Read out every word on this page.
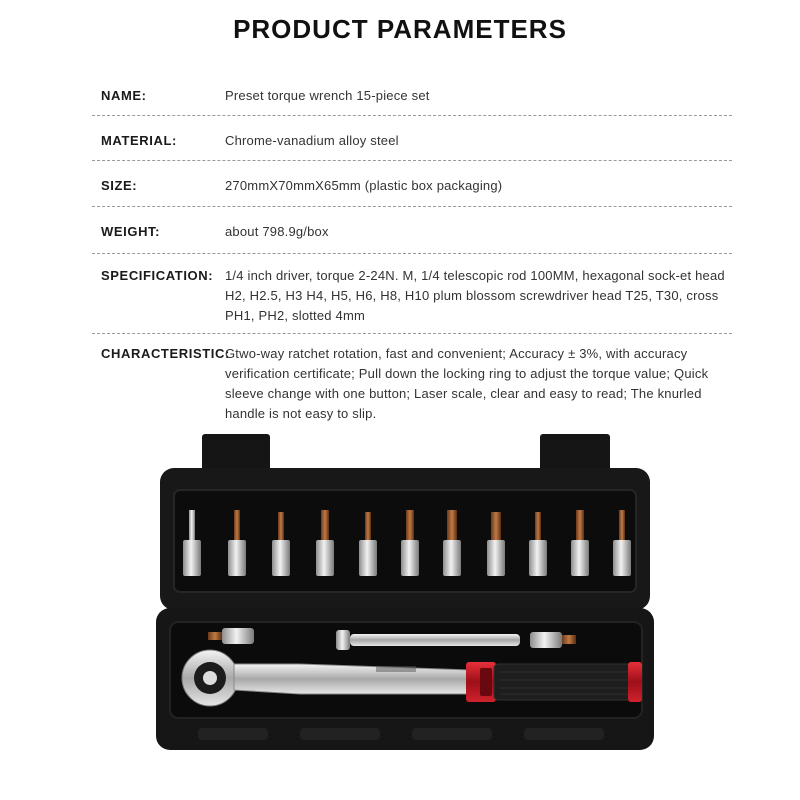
PRODUCT PARAMETERS
NAME:	Preset torque wrench 15-piece set
MATERIAL:	Chrome-vanadium alloy steel
SIZE:	270mmX70mmX65mm (plastic box packaging)
WEIGHT:	about 798.9g/box
SPECIFICATION: 1/4 inch driver, torque 2-24N. M, 1/4 telescopic rod 100MM, hexagonal sock-et head H2, H2.5, H3 H4, H5, H6, H8, H10 plum blossom screwdriver head T25, T30, cross PH1, PH2, slotted 4mm
CHARACTERISTIC:
Gtwo-way ratchet rotation, fast and convenient; Accuracy ± 3%, with accuracy verification certificate; Pull down the locking ring to adjust the torque value; Quick sleeve change with one button; Laser scale, clear and easy to read; The knurled handle is not easy to slip.
